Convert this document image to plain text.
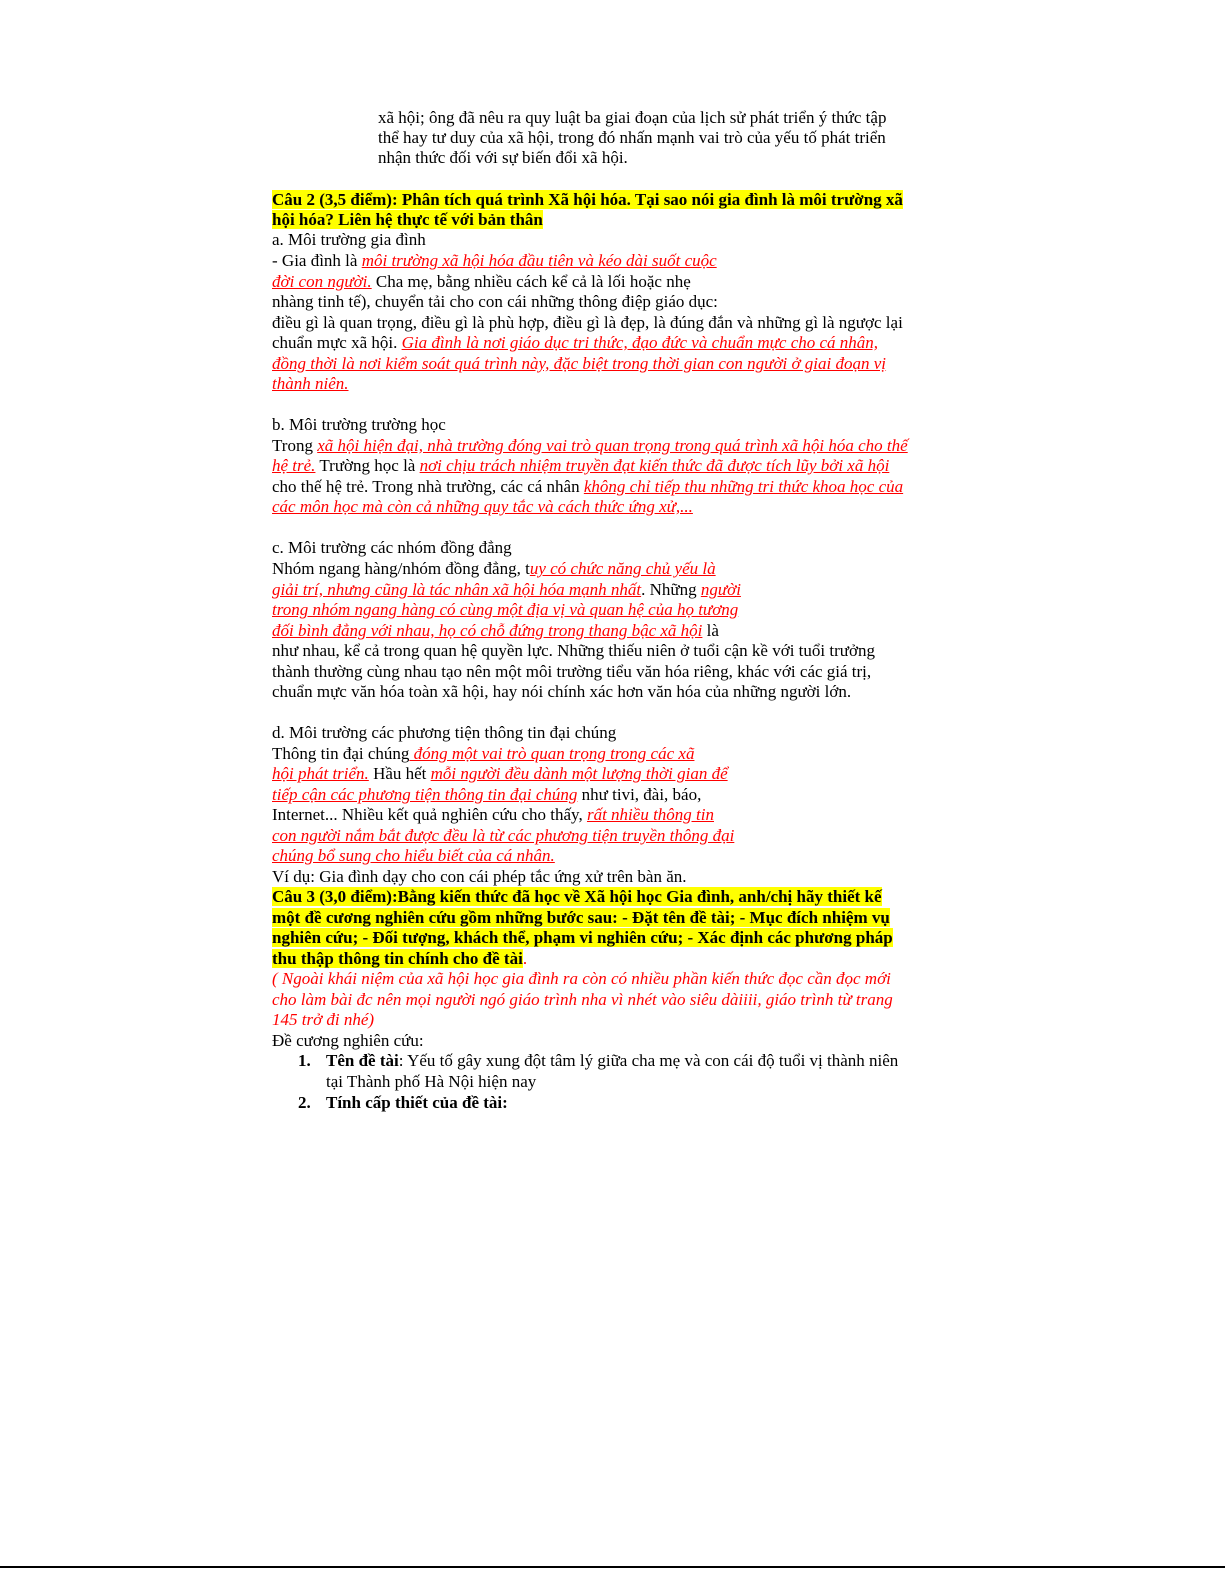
xã hội; ông đã nêu ra quy luật ba giai đoạn của lịch sử phát triển ý thức tập
thể hay tư duy của xã hội, trong đó nhấn mạnh vai trò của yếu tố phát triển
nhận thức đối với sự biến đổi xã hội.
Câu 2 (3,5 điểm): Phân tích quá trình Xã hội hóa. Tại sao nói gia đình là môi trường xã
hội hóa? Liên hệ thực tế với bản thân
a. Môi trường gia đình
- Gia đình là môi trường xã hội hóa đầu tiên và kéo dài suốt cuộc
đời con người. Cha mẹ, bằng nhiều cách kể cả là lối hoặc nhẹ
nhàng tinh tế), chuyển tải cho con cái những thông điệp giáo dục:
điều gì là quan trọng, điều gì là phù hợp, điều gì là đẹp, là đúng đắn và những gì là ngược lại
chuẩn mực xã hội. Gia đình là nơi giáo dục tri thức, đạo đức và chuẩn mực cho cá nhân,
đồng thời là nơi kiểm soát quá trình này, đặc biệt trong thời gian con người ở giai đoạn vị
thành niên.
b. Môi trường trường học
Trong xã hội hiện đại, nhà trường đóng vai trò quan trọng trong quá trình xã hội hóa cho thế
hệ trẻ. Trường học là nơi chịu trách nhiệm truyền đạt kiến thức đã được tích lũy bởi xã hội
cho thế hệ trẻ. Trong nhà trường, các cá nhân không chỉ tiếp thu những tri thức khoa học của
các môn học mà còn cả những quy tắc và cách thức ứng xử,...
c. Môi trường các nhóm đồng đẳng
Nhóm ngang hàng/nhóm đồng đẳng, tuy có chức năng chủ yếu là
giải trí, nhưng cũng là tác nhân xã hội hóa mạnh nhất. Những người
trong nhóm ngang hàng có cùng một địa vị và quan hệ của họ tương
đối bình đẳng với nhau, họ có chỗ đứng trong thang bậc xã hội là
như nhau, kể cả trong quan hệ quyền lực. Những thiếu niên ở tuổi cận kề với tuổi trưởng
thành thường cùng nhau tạo nên một môi trường tiểu văn hóa riêng, khác với các giá trị,
chuẩn mực văn hóa toàn xã hội, hay nói chính xác hơn văn hóa của những người lớn.
d. Môi trường các phương tiện thông tin đại chúng
Thông tin đại chúng đóng một vai trò quan trọng trong các xã
hội phát triển. Hầu hết mỗi người đều dành một lượng thời gian để
tiếp cận các phương tiện thông tin đại chúng như tivi, đài, báo,
Internet... Nhiều kết quả nghiên cứu cho thấy, rất nhiều thông tin
con người nắm bắt được đều là từ các phương tiện truyền thông đại
chúng bổ sung cho hiểu biết của cá nhân.
Ví dụ: Gia đình dạy cho con cái phép tắc ứng xử trên bàn ăn.
Câu 3 (3,0 điểm):Bằng kiến thức đã học về Xã hội học Gia đình, anh/chị hãy thiết kế
một đề cương nghiên cứu gồm những bước sau: - Đặt tên đề tài; - Mục đích nhiệm vụ
nghiên cứu; - Đối tượng, khách thể, phạm vi nghiên cứu; - Xác định các phương pháp
thu thập thông tin chính cho đề tài.
( Ngoài khái niệm của xã hội học gia đình ra còn có nhiều phần kiến thức đọc cần đọc mới
cho làm bài đc nên mọi người ngó giáo trình nha vì nhét vào siêu dàiiii, giáo trình từ trang
145 trở đi nhé)
Đề cương nghiên cứu:
1. Tên đề tài: Yếu tố gây xung đột tâm lý giữa cha mẹ và con cái độ tuổi vị thành niên
tại Thành phố Hà Nội hiện nay
2. Tính cấp thiết của đề tài:
